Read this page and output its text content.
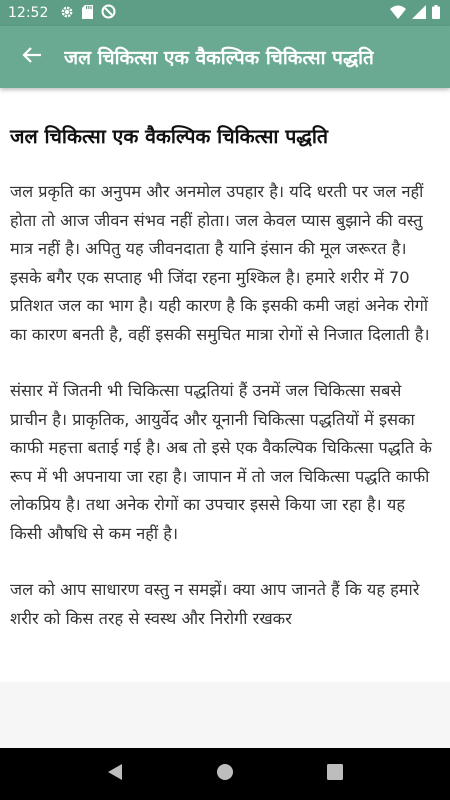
12:52
जल चिकित्सा एक वैकल्पिक चिकित्सा पद्धति
जल चिकित्सा एक वैकल्पिक चिकित्सा पद्धति

जल प्रकृति का अनुपम और अनमोल उपहार है। यदि धरती पर जल नहीं होता तो आज जीवन संभव नहीं होता। जल केवल प्यास बुझाने की वस्तु मात्र नहीं है। अपितु यह जीवनदाता है यानि इंसान की मूल जरूरत है। इसके बगैर एक सप्ताह भी जिंदा रहना मुश्किल है। हमारे शरीर में 70 प्रतिशत जल का भाग है। यही कारण है कि इसकी कमी जहां अनेक रोगों का कारण बनती है, वहीं इसकी समुचित मात्रा रोगों से निजात दिलाती है।

संसार में जितनी भी चिकित्सा पद्धतियां हैं उनमें जल चिकित्सा सबसे प्राचीन है। प्राकृतिक, आयुर्वेद और यूनानी चिकित्सा पद्धतियों में इसका काफी महत्ता बताई गई है। अब तो इसे एक वैकल्पिक चिकित्सा पद्धति के रूप में भी अपनाया जा रहा है। जापान में तो जल चिकित्सा पद्धति काफी लोकप्रिय है। तथा अनेक रोगों का उपचार इससे किया जा रहा है। यह किसी औषधि से कम नहीं है।

जल को आप साधारण वस्तु न समझें। क्या आप जानते हैं कि यह हमारे शरीर को किस तरह से स्वस्थ और निरोगी रखकर
